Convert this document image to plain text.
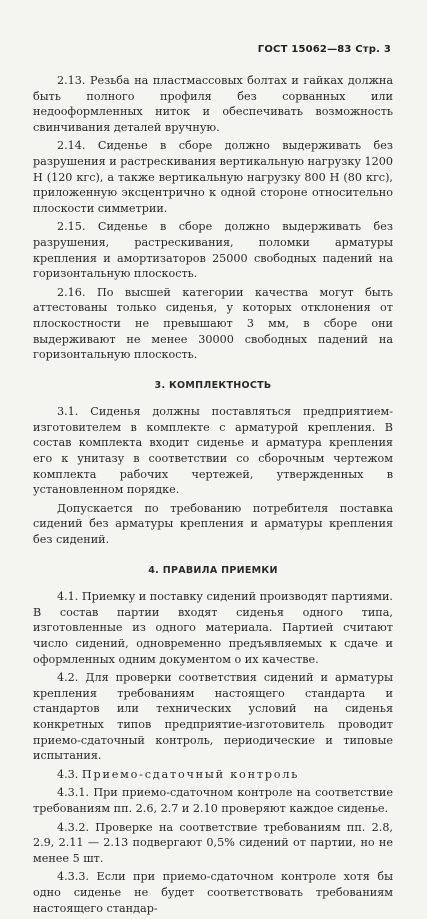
ГОСТ 15062—83 Стр. 3

2.13. Резьба на пластмассовых болтах и гайках должна быть полного профиля без сорванных или недооформленных ниток и обеспечивать возможность свинчивания деталей вручную.

2.14. Сиденье в сборе должно выдерживать без разрушения и растрескивания вертикальную нагрузку 1200 Н (120 кгс), а также вертикальную нагрузку 800 Н (80 кгс), приложенную эксцентрично к одной стороне относительно плоскости симметрии.

2.15. Сиденье в сборе должно выдерживать без разрушения, растрескивания, поломки арматуры крепления и амортизаторов 25000 свободных падений на горизонтальную плоскость.

2.16. По высшей категории качества могут быть аттестованы только сиденья, у которых отклонения от плоскостности не превышают 3 мм, в сборе они выдерживают не менее 30000 свободных падений на горизонтальную плоскость.

3. КОМПЛЕКТНОСТЬ

3.1. Сиденья должны поставляться предприятием-изготовителем в комплекте с арматурой крепления. В состав комплекта входит сиденье и арматура крепления его к унитазу в соответствии со сборочным чертежом комплекта рабочих чертежей, утвержденных в установленном порядке.

Допускается по требованию потребителя поставка сидений без арматуры крепления и арматуры крепления без сидений.

4. ПРАВИЛА ПРИЕМКИ

4.1. Приемку и поставку сидений производят партиями. В состав партии входят сиденья одного типа, изготовленные из одного материала. Партией считают число сидений, одновременно предъявляемых к сдаче и оформленных одним документом о их качестве.

4.2. Для проверки соответствия сидений и арматуры крепления требованиям настоящего стандарта и стандартов или технических условий на сиденья конкретных типов предприятие-изготовитель проводит приемо-сдаточный контроль, периодические и типовые испытания.

4.3. Приемо-сдаточный контроль

4.3.1. При приемо-сдаточном контроле на соответствие требованиям пп. 2.6, 2.7 и 2.10 проверяют каждое сиденье.

4.3.2. Проверке на соответствие требованиям пп. 2.8, 2.9, 2.11 — 2.13 подвергают 0,5% сидений от партии, но не менее 5 шт.

4.3.3. Если при приемо-сдаточном контроле хотя бы одно сиденье не будет соответствовать требованиям настоящего стандар-
